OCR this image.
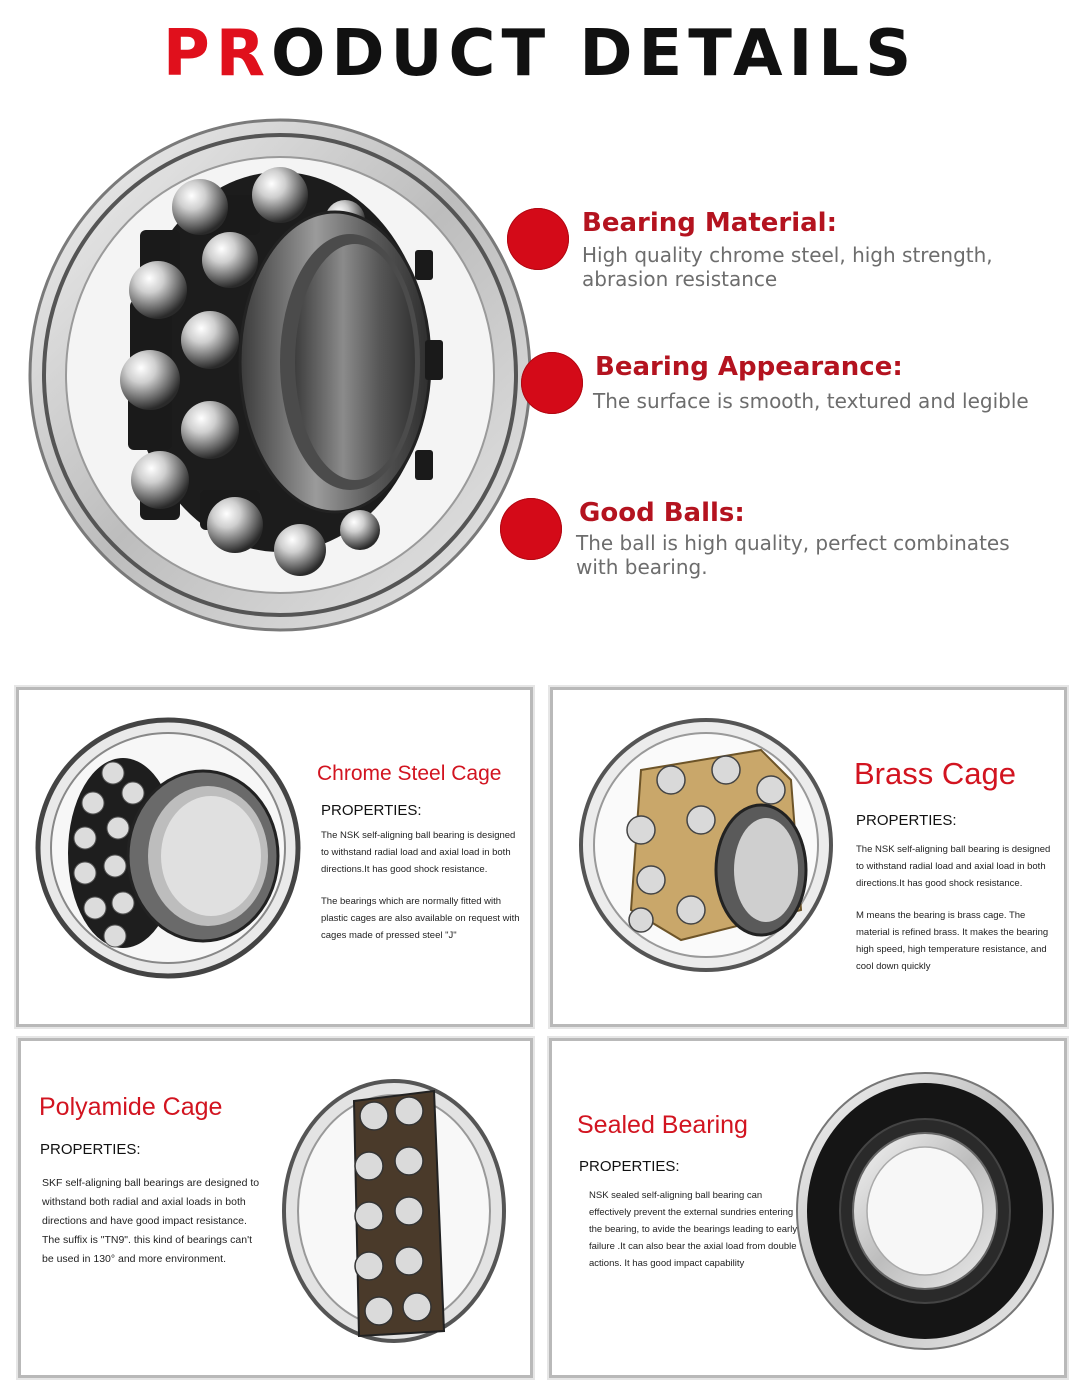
PRODUCT DETAILS
Bearing Material:
High quality chrome steel, high strength, abrasion resistance
Bearing Appearance:
The surface is smooth, textured and legible
Good Balls:
The ball is high quality, perfect combinates with bearing.
Chrome Steel Cage
PROPERTIES:

The NSK self-aligning ball bearing is designed to withstand radial load and axial load in both directions.It has good shock resistance.

The bearings which are normally fitted with plastic cages are also available on request with cages made of pressed steel "J"

Brass Cage
PROPERTIES:

The NSK self-aligning ball bearing is designed to withstand radial load and axial load in both directions.It has good shock resistance.

M means the bearing is brass cage. The material is refined brass. It makes the bearing high speed, high temperature resistance, and cool down quickly

Polyamide Cage
PROPERTIES:

SKF self-aligning ball bearings are designed to withstand both radial and axial loads in both directions and have good impact resistance.

The suffix is "TN9". this kind of bearings can't be used in 130° and more environment.

Sealed Bearing
PROPERTIES:

NSK sealed self-aligning ball bearing can effectively prevent the external sundries entering the bearing, to avide the bearings leading to early failure .It can also bear the axial load from double actions. It has good impact capability
